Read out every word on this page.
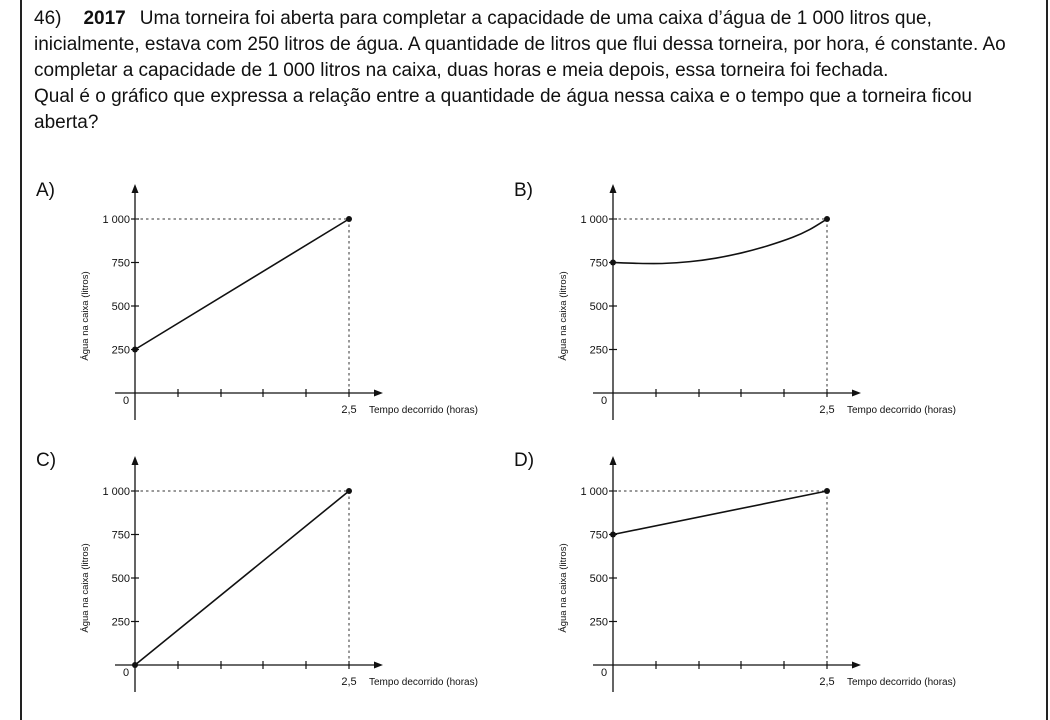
46) 2017 Uma torneira foi aberta para completar a capacidade de uma caixa d’água de 1 000 litros que, inicialmente, estava com 250 litros de água. A quantidade de litros que flui dessa torneira, por hora, é constante. Ao completar a capacidade de 1 000 litros na caixa, duas horas e meia depois, essa torneira foi fechada.

Qual é o gráfico que expressa a relação entre a quantidade de água nessa caixa e o tempo que a torneira ficou aberta?

A)	B)
C)	D)
250
500
750
1 000
0
2,5 Tempo decorrido (horas)
Água na caixa (litros)	250
500
750
1 000
0
2,5 Tempo decorrido (horas)
Água na caixa (litros)
250
500
750
1 000
0
2,5 Tempo decorrido (horas)
Água na caixa (litros)	250
500
750
1 000
0
2,5 Tempo decorrido (horas)
Água na caixa (litros)
